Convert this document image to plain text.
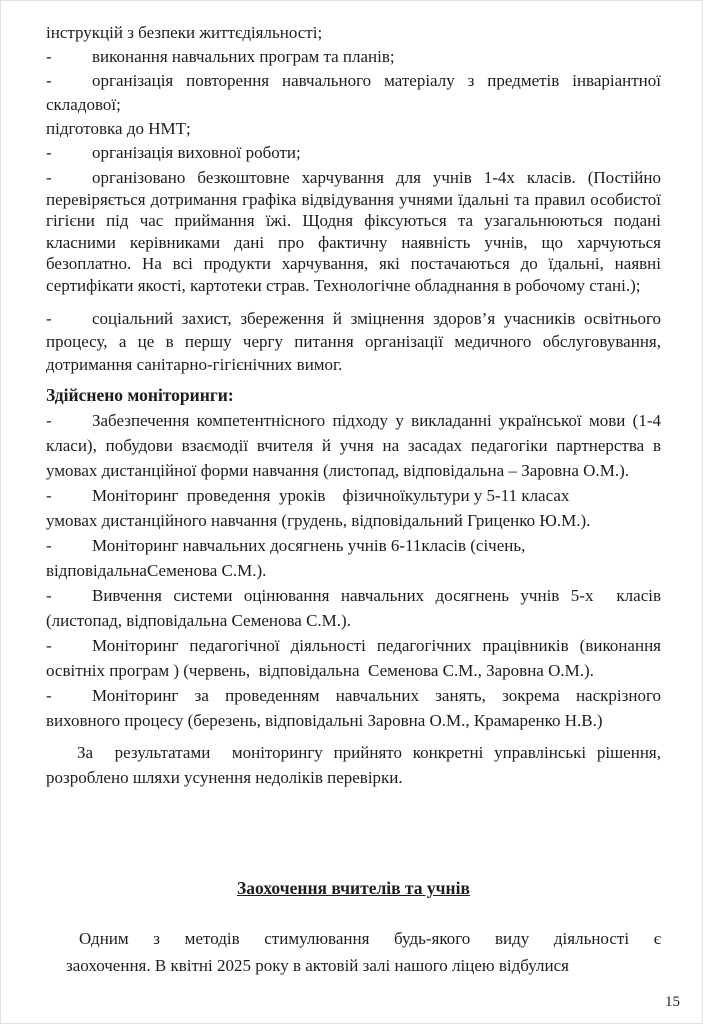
інструкцій з безпеки життєдіяльності;

- виконання навчальних програм та планів;

- організація повторення навчального матеріалу з предметів інваріантної складової;

підготовка до НМТ;

- організація виховної роботи;

- організовано безкоштовне харчування для учнів 1-4х класів. (Постійно перевіряється дотримання графіка відвідування учнями їдальні та правил особистої гігієни під час приймання їжі. Щодня фіксуються та узагальнюються подані класними керівниками дані про фактичну наявність учнів, що харчуються безоплатно. На всі продукти харчування, які постачаються до їдальні, наявні сертифікати якості, картотеки страв. Технологічне обладнання в робочому стані.);

- соціальний захист, збереження й зміцнення здоров’я учасників освітнього процесу, а це в першу чергу питання організації медичного обслуговування, дотримання санітарно-гігієнічних вимог.

Здійснено моніторинги:

- Забезпечення компетентнісного підходу у викладанні української мови (1-4 класи), побудови взаємодії вчителя й учня на засадах педагогіки партнерства в умовах дистанційної форми навчання (листопад, відповідальна – Заровна О.М.).

- Моніторинг  проведення  уроків    фізичноїкультури у 5-11 класах
умовах дистанційного навчання (грудень, відповідальний Гриценко Ю.М.).
- Моніторинг навчальних досягнень учнів 6-11класів (січень,
відповідальнаСеменова С.М.).

- Вивчення системи оцінювання навчальних досягнень учнів 5-х  класів (листопад, відповідальна Семенова С.М.).

- Моніторинг педагогічної діяльності педагогічних працівників (виконання освітніх програм ) (червень,  відповідальна  Семенова С.М., Заровна О.М.).

- Моніторинг за проведенням навчальних занять, зокрема наскрізного виховного процесу (березень, відповідальні Заровна О.М., Крамаренко Н.В.)

За  результатами  моніторингу прийнято конкретні управлінські рішення, розроблено шляхи усунення недоліків перевірки.

Заохочення вчителів та учнів

Одним з методів стимулювання будь-якого виду діяльності є
заохочення. В квітні 2025 року в актовій залі нашого ліцею відбулися
15
